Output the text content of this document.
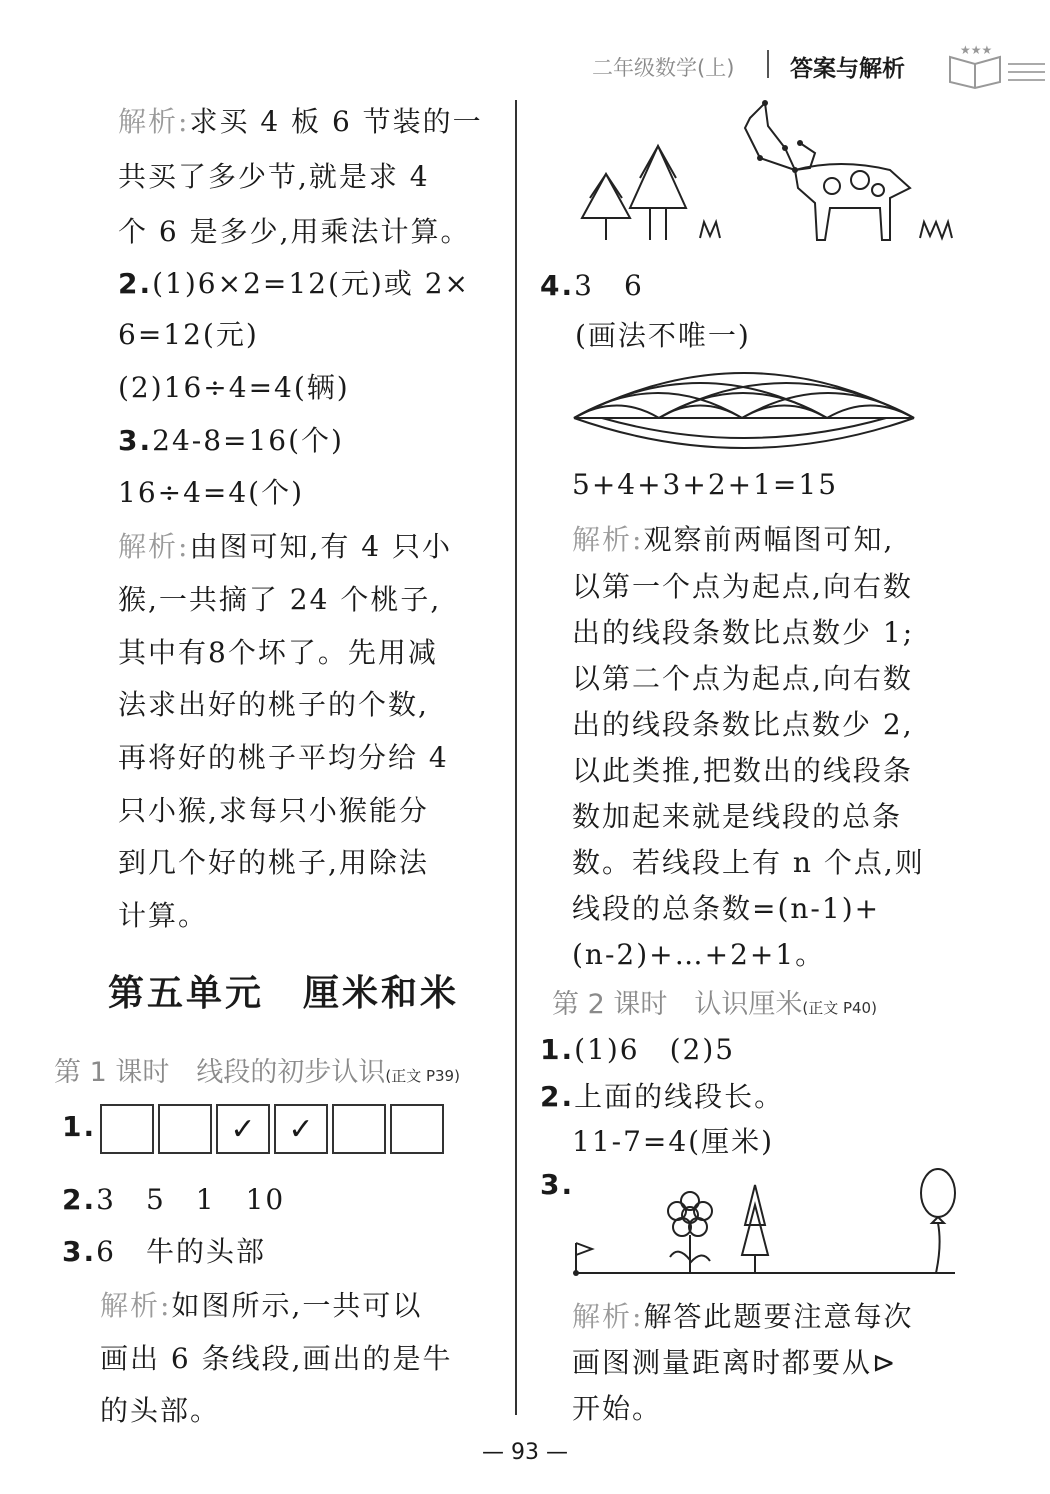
二年级数学(上) 答案与解析
★★★
解析:求买 4 板 6 节装的一
共买了多少节,就是求 4
个 6 是多少,用乘法计算。
2.(1)6×2=12(元)或 2×
6=12(元)
(2)16÷4=4(辆)
3.24-8=16(个)
16÷4=4(个)
解析:由图可知,有 4 只小
猴,一共摘了 24 个桃子,
其中有8个坏了。先用减
法求出好的桃子的个数,
再将好的桃子平均分给 4
只小猴,求每只小猴能分
到几个好的桃子,用除法
计算。
第五单元　厘米和米
第 1 课时　线段的初步认识(正文 P39)
1.	✓ ✓
2.3　5　1　10
3.6　牛的头部
解析:如图所示,一共可以
画出 6 条线段,画出的是牛
的头部。
4.3　6
(画法不唯一)
5+4+3+2+1=15
解析:观察前两幅图可知,
以第一个点为起点,向右数
出的线段条数比点数少 1;
以第二个点为起点,向右数
出的线段条数比点数少 2,
以此类推,把数出的线段条
数加起来就是线段的总条
数。若线段上有 n 个点,则
线段的总条数=(n-1)+
(n-2)+…+2+1。
第 2 课时　认识厘米(正文 P40)
1.(1)6　(2)5
2.上面的线段长。
11-7=4(厘米)
3.
解析:解答此题要注意每次
画图测量距离时都要从⊳
开始。
— 93 —
